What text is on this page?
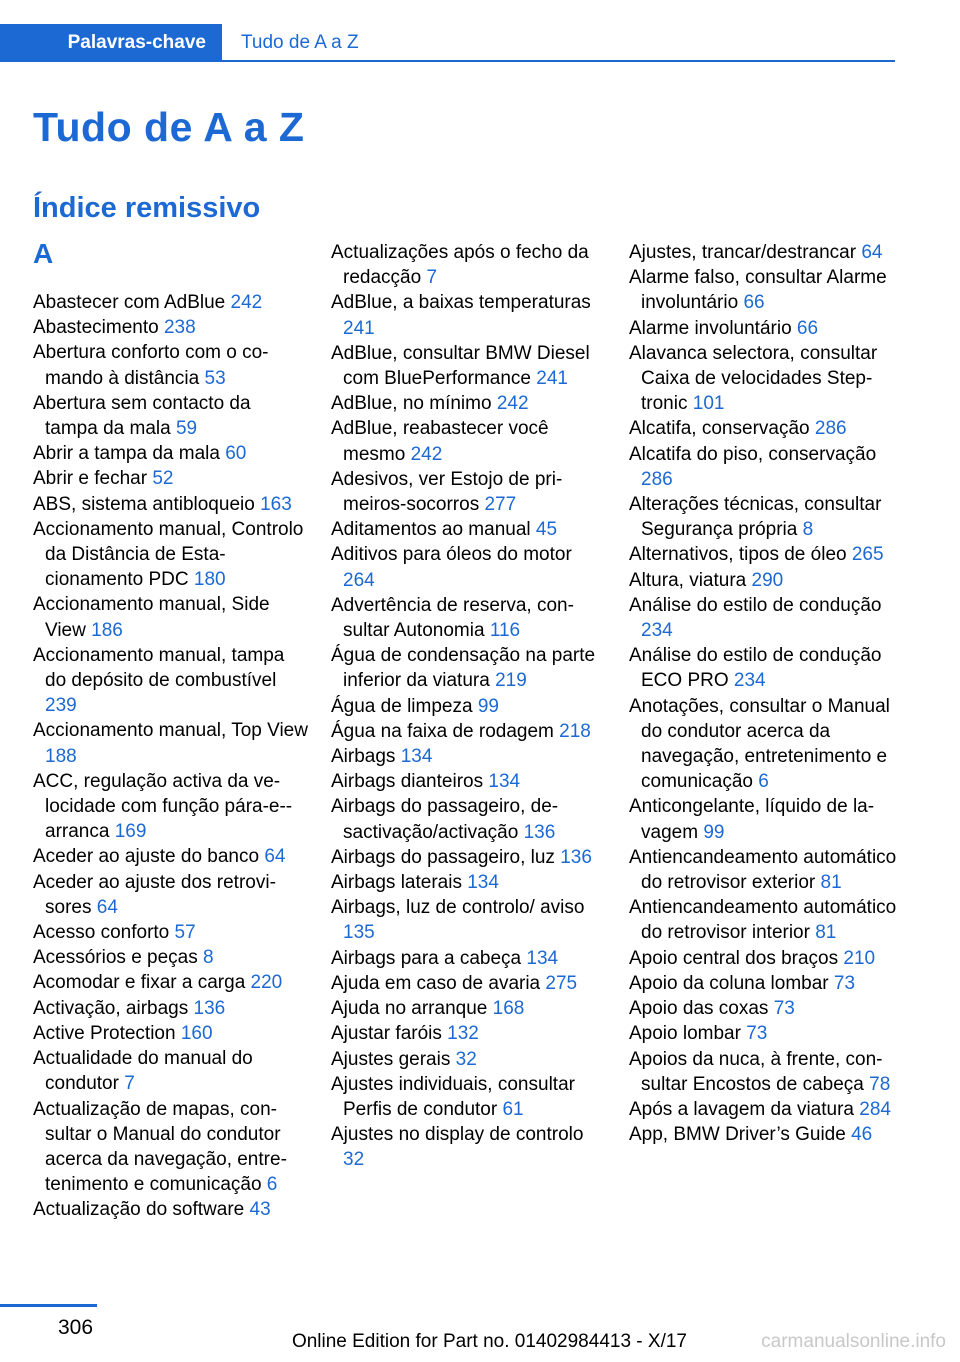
Palavras-chave	Tudo de A a Z
Tudo de A a Z
Índice remissivo
A
Abastecer com AdBlue 242
Abastecimento 238
Abertura conforto com o comando à distância 53
Abertura sem contacto da tampa da mala 59
Abrir a tampa da mala 60
Abrir e fechar 52
ABS, sistema antibloqueio 163
Accionamento manual, Controlo da Distância de Estacionamento PDC 180
Accionamento manual, Side View 186
Accionamento manual, tampa do depósito de combustível 239
Accionamento manual, Top View 188
ACC, regulação activa da velocidade com função pára-e--arranca 169
Aceder ao ajuste do banco 64
Aceder ao ajuste dos retrovisores 64
Acesso conforto 57
Acessórios e peças 8
Acomodar e fixar a carga 220
Activação, airbags 136
Active Protection 160
Actualidade do manual do condutor 7
Actualização de mapas, consultar o Manual do condutor acerca da navegação, entretenimento e comunicação 6
Actualização do software 43
Actualizações após o fecho da redacção 7
AdBlue, a baixas temperaturas 241
AdBlue, consultar BMW Diesel com BluePerformance 241
AdBlue, no mínimo 242
AdBlue, reabastecer você mesmo 242
Adesivos, ver Estojo de primeiros-socorros 277
Aditamentos ao manual 45
Aditivos para óleos do motor 264
Advertência de reserva, consultar Autonomia 116
Água de condensação na parte inferior da viatura 219
Água de limpeza 99
Água na faixa de rodagem 218
Airbags 134
Airbags dianteiros 134
Airbags do passageiro, desactivação/activação 136
Airbags do passageiro, luz 136
Airbags laterais 134
Airbags, luz de controlo/ aviso 135
Airbags para a cabeça 134
Ajuda em caso de avaria 275
Ajuda no arranque 168
Ajustar faróis 132
Ajustes gerais 32
Ajustes individuais, consultar Perfis de condutor 61
Ajustes no display de controlo 32
Ajustes, trancar/destrancar 64
Alarme falso, consultar Alarme involuntário 66
Alarme involuntário 66
Alavanca selectora, consultar Caixa de velocidades Steptronic 101
Alcatifa, conservação 286
Alcatifa do piso, conservação 286
Alterações técnicas, consultar Segurança própria 8
Alternativos, tipos de óleo 265
Altura, viatura 290
Análise do estilo de condução 234
Análise do estilo de condução ECO PRO 234
Anotações, consultar o Manual do condutor acerca da navegação, entretenimento e comunicação 6
Anticongelante, líquido de lavagem 99
Antiencandeamento automático do retrovisor exterior 81
Antiencandeamento automático do retrovisor interior 81
Apoio central dos braços 210
Apoio da coluna lombar 73
Apoio das coxas 73
Apoio lombar 73
Apoios da nuca, à frente, consultar Encostos de cabeça 78
Após a lavagem da viatura 284
App, BMW Driver’s Guide 46
306
Online Edition for Part no. 01402984413 - X/17	carmanualsonline.info
